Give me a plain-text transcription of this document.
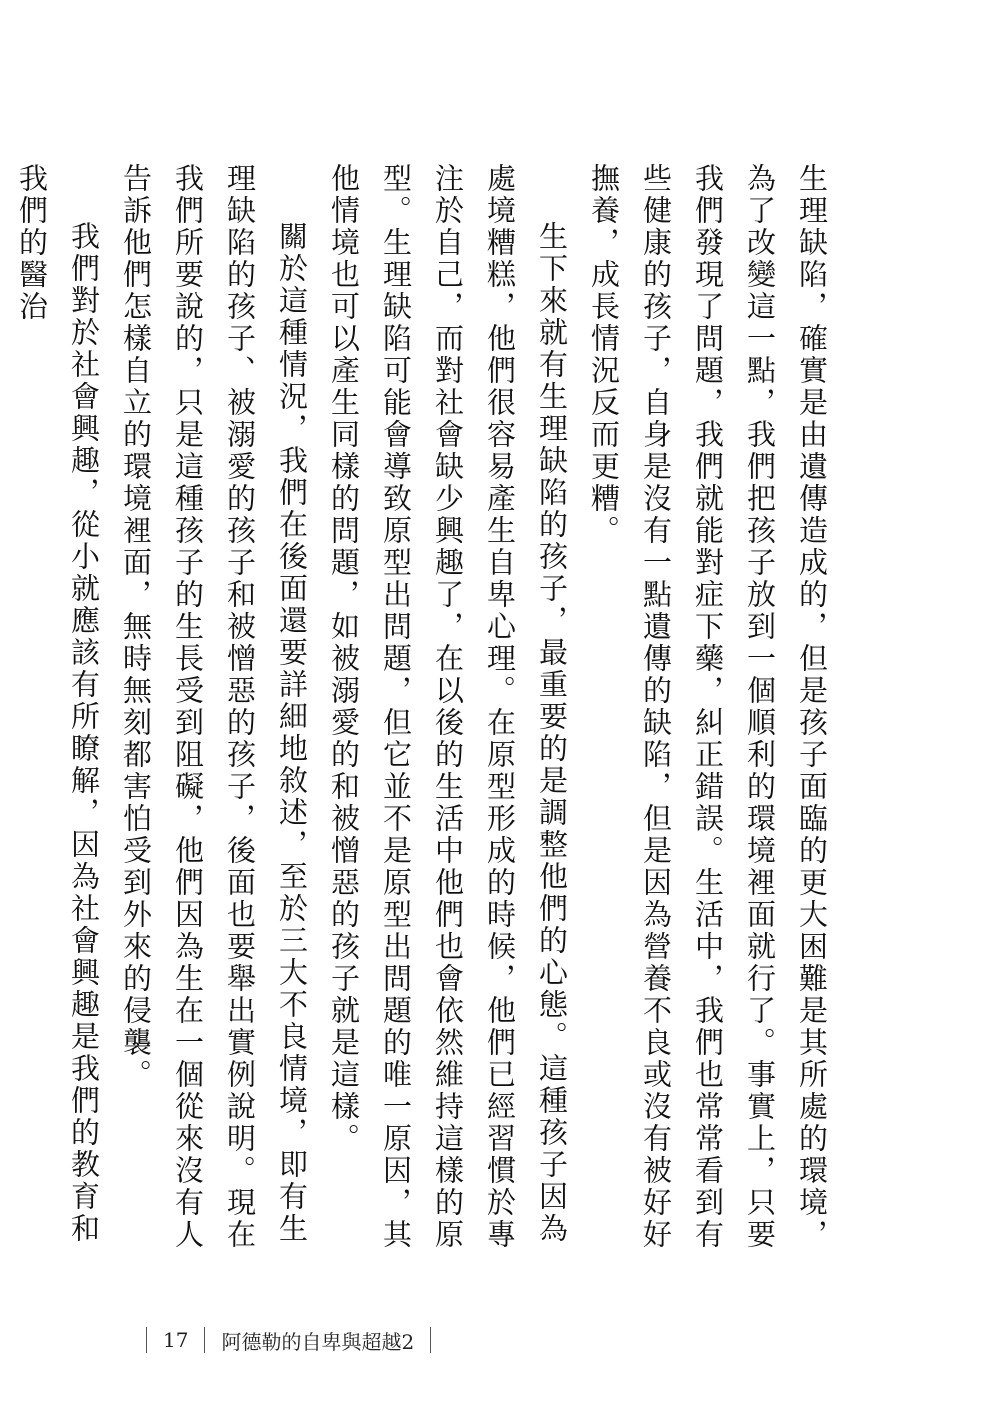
生理缺陷，確實是由遺傳造成的，但是孩子面臨的更大困難是其所處的環境，為了改變這一點，我們把孩子放到一個順利的環境裡面就行了。事實上，只要我們發現了問題，我們就能對症下藥，糾正錯誤。生活中，我們也常常看到有些健康的孩子，自身是沒有一點遺傳的缺陷，但是因為營養不良或沒有被好好撫養，成長情況反而更糟。

生下來就有生理缺陷的孩子，最重要的是調整他們的心態。這種孩子因為處境糟糕，他們很容易產生自卑心理。在原型形成的時候，他們已經習慣於專注於自己，而對社會缺少興趣了，在以後的生活中他們也會依然維持這樣的原型。生理缺陷可能會導致原型出問題，但它並不是原型出問題的唯一原因，其他情境也可以產生同樣的問題，如被溺愛的和被憎惡的孩子就是這樣。

關於這種情況，我們在後面還要詳細地敘述，至於三大不良情境，即有生理缺陷的孩子、被溺愛的孩子和被憎惡的孩子，後面也要舉出實例說明。現在我們所要說的，只是這種孩子的生長受到阻礙，他們因為生在一個從來沒有人告訴他們怎樣自立的環境裡面，無時無刻都害怕受到外來的侵襲。

我們對於社會興趣，從小就應該有所瞭解，因為社會興趣是我們的教育和我們的醫治

17 阿德勒的自卑與超越2
